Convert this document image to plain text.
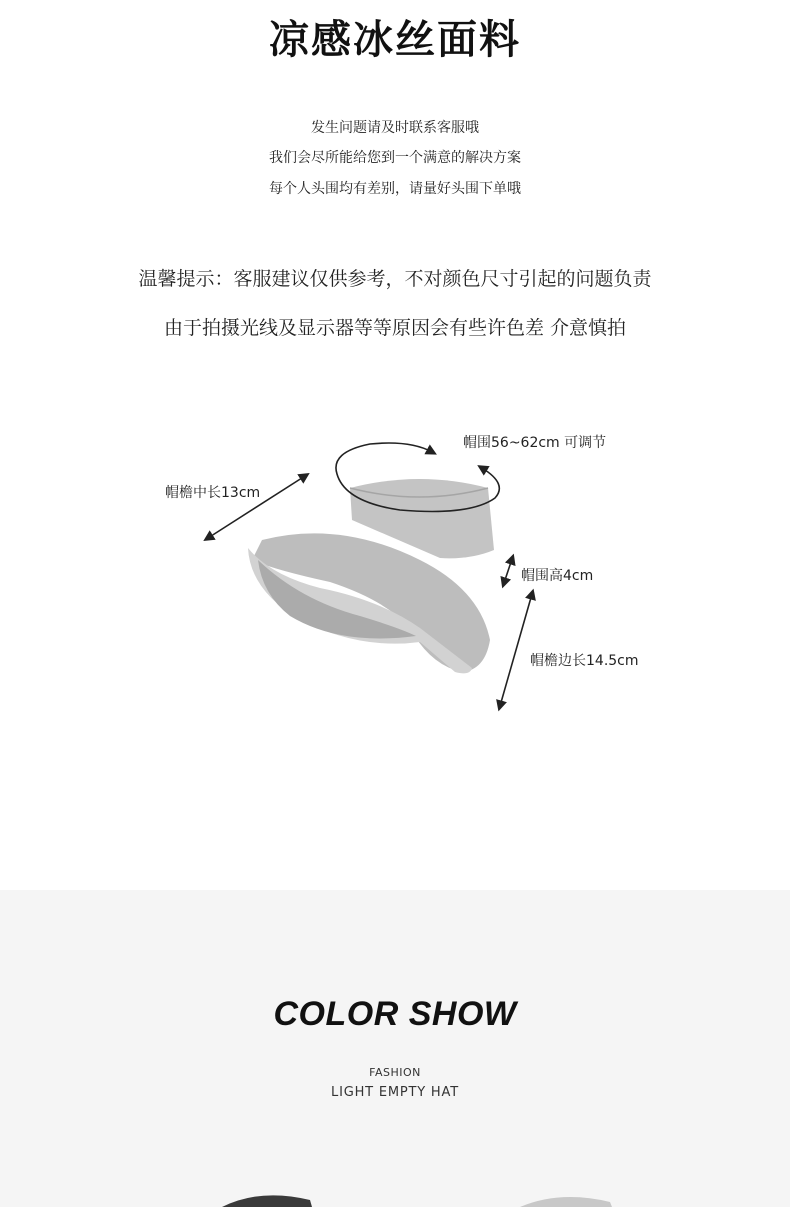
凉感冰丝面料
发生问题请及时联系客服哦
我们会尽所能给您到一个满意的解决方案
每个人头围均有差别，请量好头围下单哦
温馨提示：客服建议仅供参考，不对颜色尺寸引起的问题负责
由于拍摄光线及显示器等等原因会有些许色差 介意慎拍
帽围56~62cm 可调节
帽檐中长13cm
帽围高4cm
帽檐边长14.5cm
COLOR SHOW
FASHION
LIGHT EMPTY HAT
